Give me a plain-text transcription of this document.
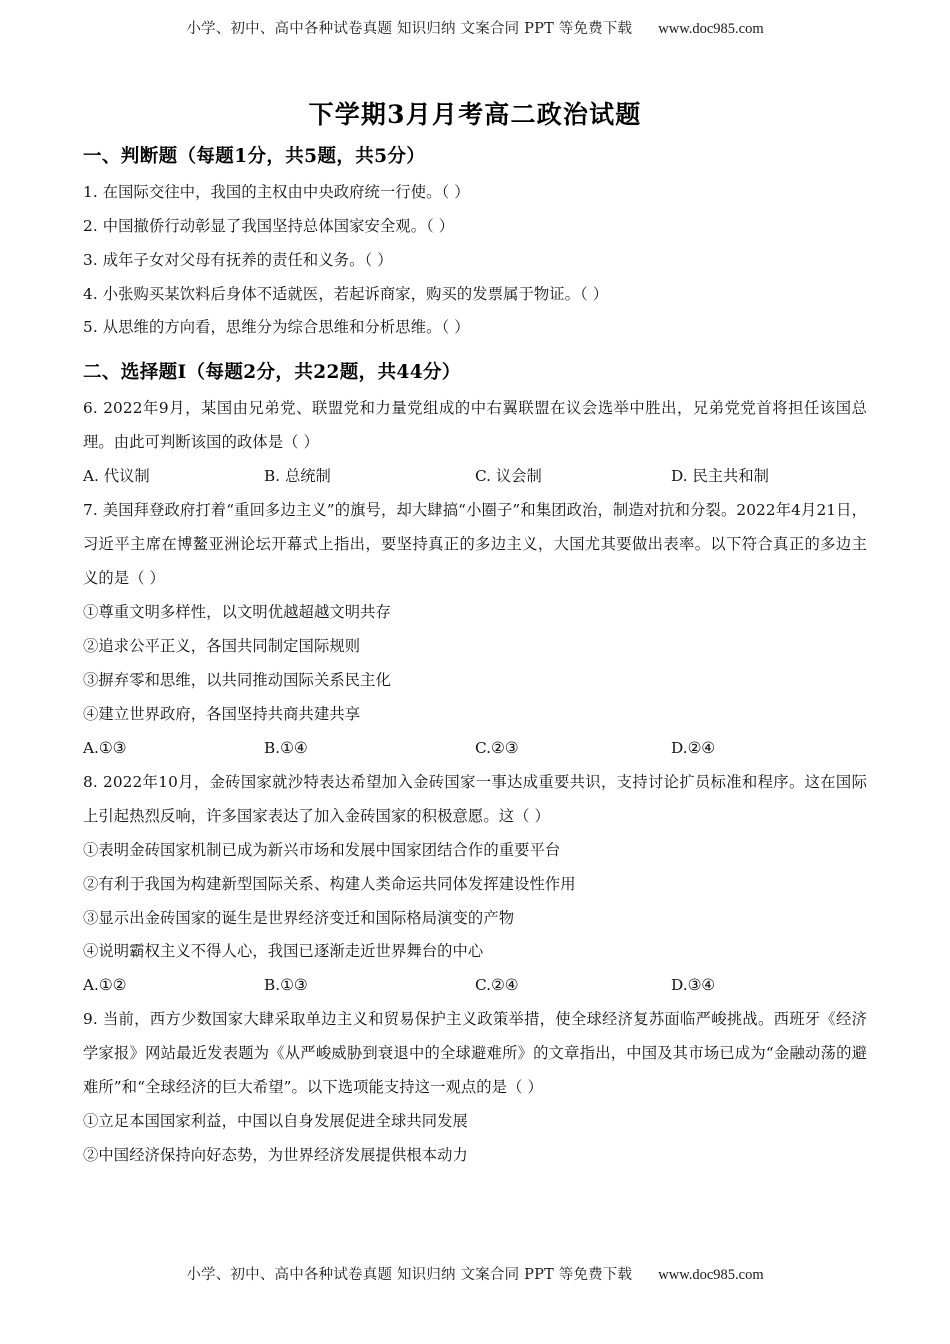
小学、初中、高中各种试卷真题 知识归纳 文案合同 PPT 等免费下载 www.doc985.com
下学期3月月考高二政治试题
一、判断题（每题1分，共5题，共5分）

1. 在国际交往中，我国的主权由中央政府统一行使。（ ）

2. 中国撤侨行动彰显了我国坚持总体国家安全观。（ ）

3. 成年子女对父母有抚养的责任和义务。（ ）

4. 小张购买某饮料后身体不适就医，若起诉商家，购买的发票属于物证。（ ）

5. 从思维的方向看，思维分为综合思维和分析思维。（ ）

二、选择题Ⅰ（每题2分，共22题，共44分）

6. 2022年9月，某国由兄弟党、联盟党和力量党组成的中右翼联盟在议会选举中胜出，兄弟党党首将担任该国总理。由此可判断该国的政体是（ ）

A. 代议制	B. 总统制	C. 议会制	D. 民主共和制

7. 美国拜登政府打着“重回多边主义”的旗号，却大肆搞“小圈子”和集团政治，制造对抗和分裂。2022年4月21日，习近平主席在博鳌亚洲论坛开幕式上指出，要坚持真正的多边主义，大国尤其要做出表率。以下符合真正的多边主义的是（ ）

①尊重文明多样性，以文明优越超越文明共存

②追求公平正义，各国共同制定国际规则

③摒弃零和思维，以共同推动国际关系民主化

④建立世界政府，各国坚持共商共建共享

A.①③	B.①④	C.②③	D.②④

8. 2022年10月，金砖国家就沙特表达希望加入金砖国家一事达成重要共识，支持讨论扩员标准和程序。这在国际上引起热烈反响，许多国家表达了加入金砖国家的积极意愿。这（ ）

①表明金砖国家机制已成为新兴市场和发展中国家团结合作的重要平台

②有利于我国为构建新型国际关系、构建人类命运共同体发挥建设性作用

③显示出金砖国家的诞生是世界经济变迁和国际格局演变的产物

④说明霸权主义不得人心，我国已逐渐走近世界舞台的中心

A.①②	B.①③	C.②④	D.③④

9. 当前，西方少数国家大肆采取单边主义和贸易保护主义政策举措，使全球经济复苏面临严峻挑战。西班牙《经济学家报》网站最近发表题为《从严峻威胁到衰退中的全球避难所》的文章指出，中国及其市场已成为“金融动荡的避难所”和“全球经济的巨大希望”。以下选项能支持这一观点的是（ ）

①立足本国国家利益，中国以自身发展促进全球共同发展

②中国经济保持向好态势，为世界经济发展提供根本动力

小学、初中、高中各种试卷真题 知识归纳 文案合同 PPT 等免费下载 www.doc985.com
